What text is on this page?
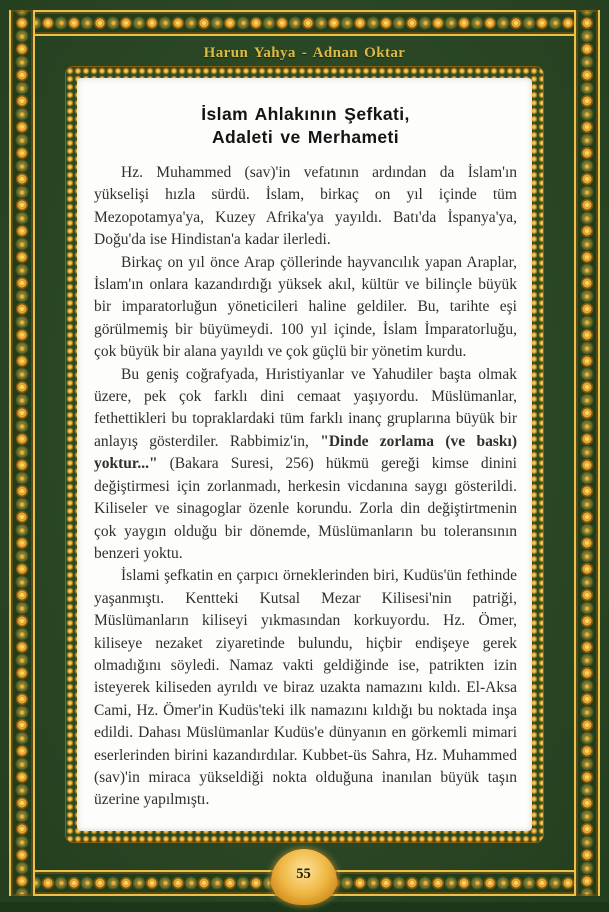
Harun Yahya - Adnan Oktar
İslam Ahlakının Şefkati,
Adaleti ve Merhameti

Hz. Muhammed (sav)'in vefatının ardından da İslam'ın yükselişi hızla sürdü. İslam, birkaç on yıl içinde tüm Mezopotamya'ya, Kuzey Afrika'ya yayıldı. Batı'da İspanya'ya, Doğu'da ise Hindistan'a kadar ilerledi.

Birkaç on yıl önce Arap çöllerinde hayvancılık yapan Araplar, İslam'ın onlara kazandırdığı yüksek akıl, kültür ve bilinçle büyük bir imparatorluğun yöneticileri haline geldiler. Bu, tarihte eşi görülmemiş bir büyümeydi. 100 yıl içinde, İslam İmparatorluğu, çok büyük bir alana yayıldı ve çok güçlü bir yönetim kurdu.

Bu geniş coğrafyada, Hıristiyanlar ve Yahudiler başta olmak üzere, pek çok farklı dini cemaat yaşıyordu. Müslümanlar, fethettikleri bu topraklardaki tüm farklı inanç gruplarına büyük bir anlayış gösterdiler. Rabbimiz'in, "Dinde zorlama (ve baskı) yoktur..." (Bakara Suresi, 256) hükmü gereği kimse dinini değiştirmesi için zorlanmadı, herkesin vicdanına saygı gösterildi. Kiliseler ve sinagoglar özenle korundu. Zorla din değiştirtmenin çok yaygın olduğu bir dönemde, Müslümanların bu toleransının benzeri yoktu.

İslami şefkatin en çarpıcı örneklerinden biri, Kudüs'ün fethinde yaşanmıştı. Kentteki Kutsal Mezar Kilisesi'nin patriği, Müslümanların kiliseyi yıkmasından korkuyordu. Hz. Ömer, kiliseye nezaket ziyaretinde bulundu, hiçbir endişeye gerek olmadığını söyledi. Namaz vakti geldiğinde ise, patrikten izin isteyerek kiliseden ayrıldı ve biraz uzakta namazını kıldı. El-Aksa Cami, Hz. Ömer'in Kudüs'teki ilk namazını kıldığı bu noktada inşa edildi. Dahası Müslümanlar Kudüs'e dünyanın en görkemli mimari eserlerinden birini kazandırdılar. Kubbet-üs Sahra, Hz. Muhammed (sav)'in miraca yükseldiği nokta olduğuna inanılan büyük taşın üzerine yapılmıştı.

55
